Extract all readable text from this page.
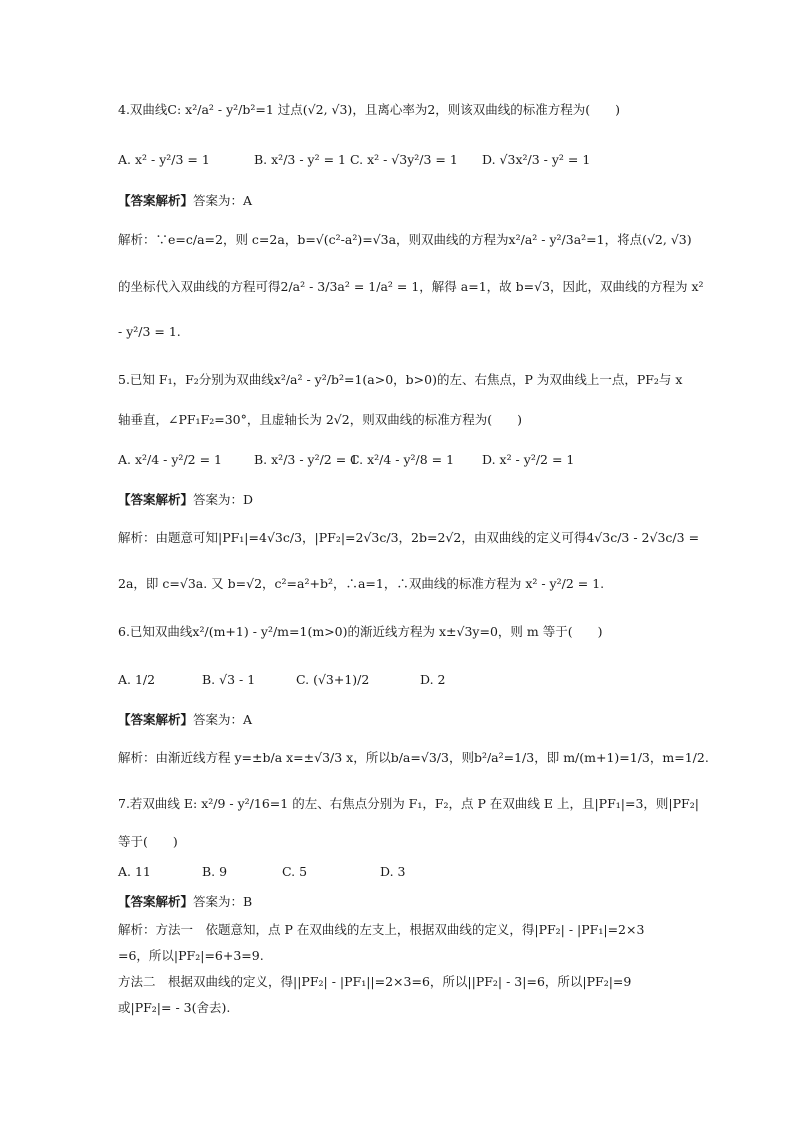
4.双曲线C: x²/a² - y²/b²=1 过点(√2, √3)，且离心率为2，则该双曲线的标准方程为(　　)
A. x² - y²/3 = 1	B. x²/3 - y² = 1 C. x² - √3y²/3 = 1 D. √3x²/3 - y² = 1
【答案解析】答案为：A
解析：∵e=c/a=2，则 c=2a，b=√(c²-a²)=√3a，则双曲线的方程为x²/a² - y²/3a²=1，将点(√2, √3)
的坐标代入双曲线的方程可得2/a² - 3/3a² = 1/a² = 1，解得 a=1，故 b=√3，因此，双曲线的方程为 x²
- y²/3 = 1.
5.已知 F₁，F₂分别为双曲线x²/a² - y²/b²=1(a>0，b>0)的左、右焦点，P 为双曲线上一点，PF₂与 x
轴垂直，∠PF₁F₂=30°，且虚轴长为 2√2，则双曲线的标准方程为(　　)
A. x²/4 - y²/2 = 1	B. x²/3 - y²/2 = 1
C. x²/4 - y²/8 = 1 D. x² - y²/2 = 1
【答案解析】答案为：D
解析：由题意可知|PF₁|=4√3c/3，|PF₂|=2√3c/3，2b=2√2，由双曲线的定义可得4√3c/3 - 2√3c/3 =
2a，即 c=√3a. 又 b=√2，c²=a²+b²，∴a=1，∴双曲线的标准方程为 x² - y²/2 = 1.
6.已知双曲线x²/(m+1) - y²/m=1(m>0)的渐近线方程为 x±√3y=0，则 m 等于(　　)
A. 1/2	B. √3 - 1	C. (√3+1)/2	D. 2
【答案解析】答案为：A
解析：由渐近线方程 y=±b/a x=±√3/3 x，所以b/a=√3/3，则b²/a²=1/3，即 m/(m+1)=1/3，m=1/2.
7.若双曲线 E: x²/9 - y²/16=1 的左、右焦点分别为 F₁，F₂，点 P 在双曲线 E 上，且|PF₁|=3，则|PF₂|
等于(　　)
A. 11	B. 9	C. 5	D. 3
【答案解析】答案为：B
解析：方法一　依题意知，点 P 在双曲线的左支上，根据双曲线的定义，得|PF₂| - |PF₁|=2×3
=6，所以|PF₂|=6+3=9.
方法二　根据双曲线的定义，得||PF₂| - |PF₁||=2×3=6，所以||PF₂| - 3|=6，所以|PF₂|=9
或|PF₂|= - 3(舍去).
